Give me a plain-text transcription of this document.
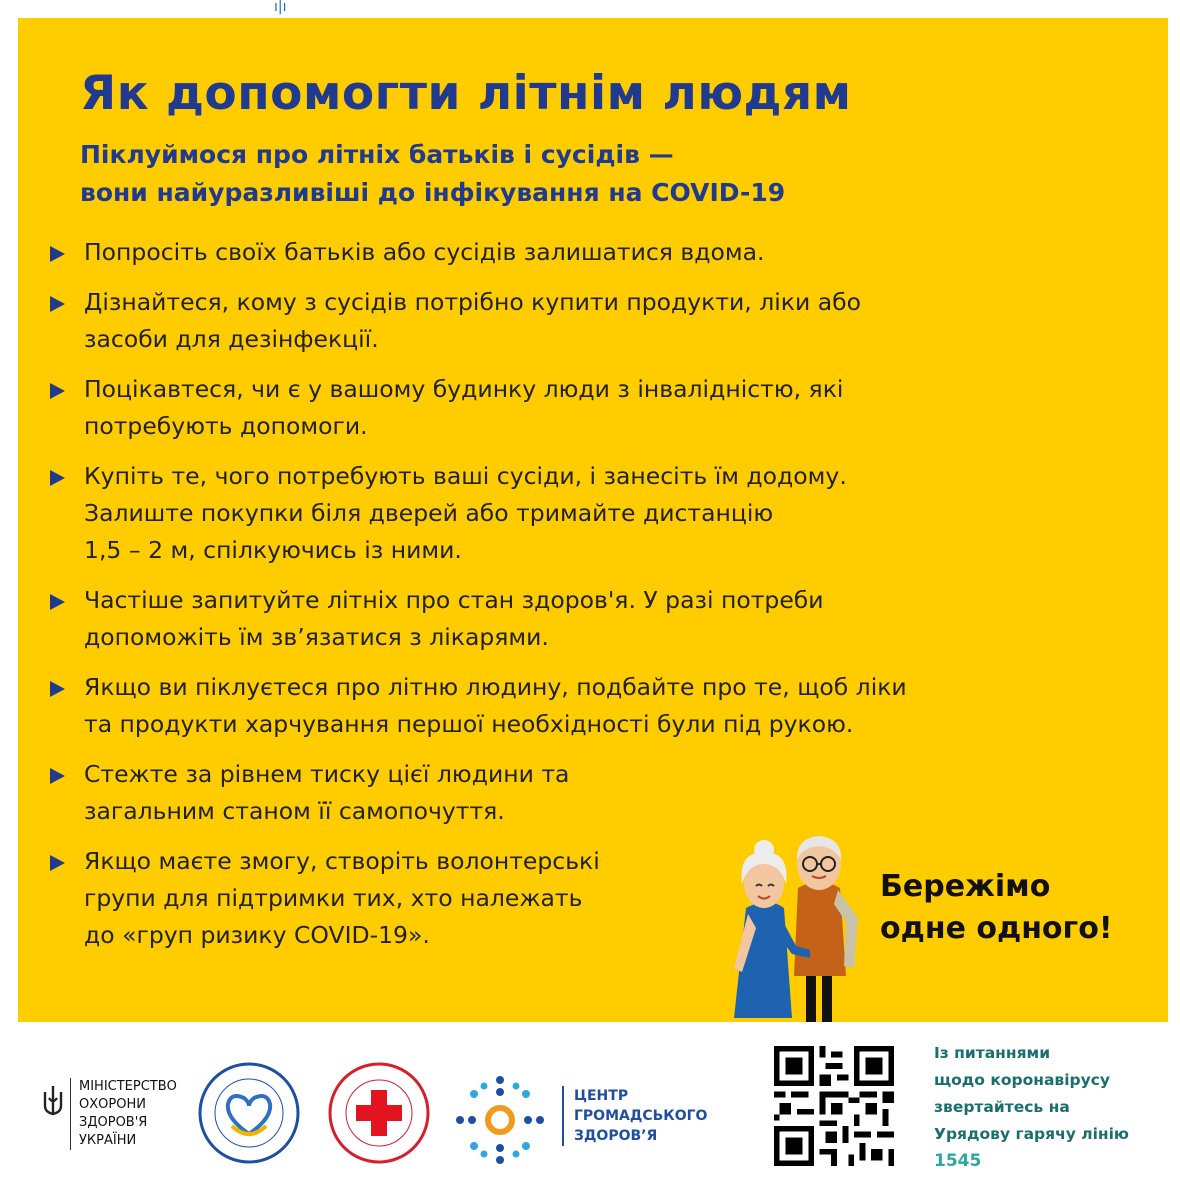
ı|ı
Як допомогти літнім людям
Піклуймося про літніх батьків і сусідів —
вони найуразливіші до інфікування на COVID-19
Попросіть своїх батьків або сусідів залишатися вдома.
Дізнайтеся, кому з сусідів потрібно купити продукти, ліки або
засоби для дезінфекції.
Поцікавтеся, чи є у вашому будинку люди з інвалідністю, які
потребують допомоги.
Купіть те, чого потребують ваші сусіди, і занесіть їм додому.
Залиште покупки біля дверей або тримайте дистанцію
1,5 – 2 м, спілкуючись із ними.
Частіше запитуйте літніх про стан здоров'я. У разі потреби
допоможіть їм зв’язатися з лікарями.
Якщо ви піклуєтеся про літню людину, подбайте про те, щоб ліки
та продукти харчування першої необхідності були під рукою.
Стежте за рівнем тиску цієї людини та
загальним станом її самопочуття.
Якщо маєте змогу, створіть волонтерські
групи для підтримки тих, хто належать
до «груп ризику COVID-19».
Бережімо
одне одного!
МІНІСТЕРСТВО
ОХОРОНИ
ЗДОРОВ'Я
УКРАЇНИ
ЦЕНТР
ГРОМАДСЬКОГО
ЗДОРОВ’Я
Із питаннями
щодо коронавірусу
звертайтесь на
Урядову гарячу лінію
1545
